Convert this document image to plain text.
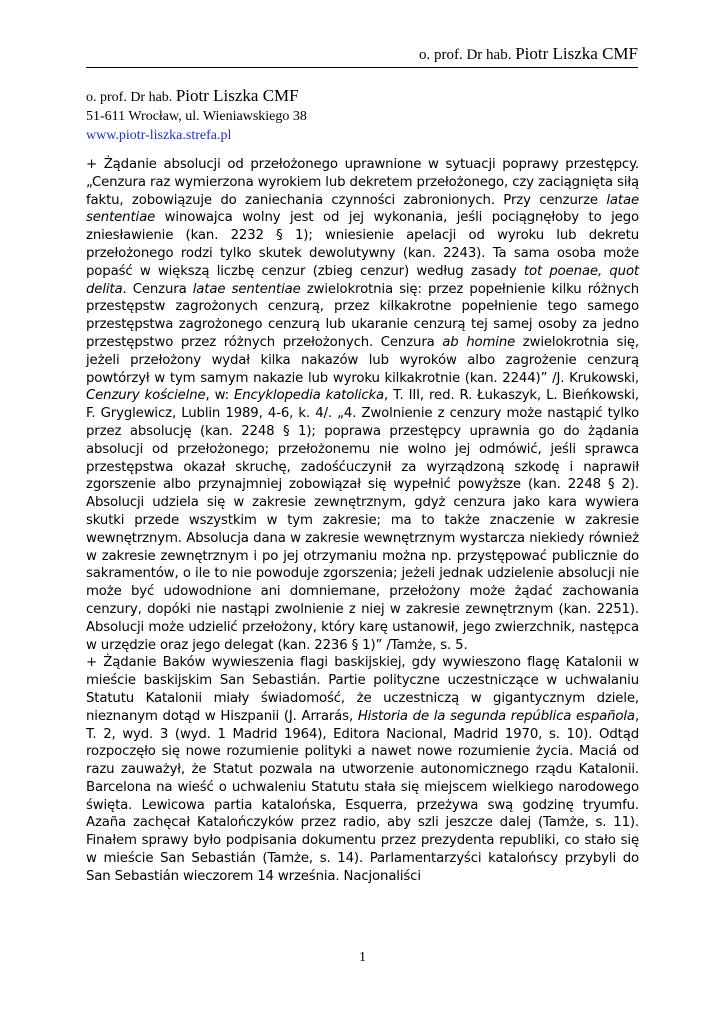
o. prof. Dr hab. Piotr Liszka CMF
o. prof. Dr hab. Piotr Liszka CMF
51-611 Wrocław, ul. Wieniawskiego 38
www.piotr-liszka.strefa.pl

+ Żądanie absolucji od przełożonego uprawnione w sytuacji poprawy przestępcy. „Cenzura raz wymierzona wyrokiem lub dekretem przełożonego, czy zaciągnięta siłą faktu, zobowiązuje do zaniechania czynności zabronionych. Przy cenzurze latae sententiae winowajca wolny jest od jej wykonania, jeśli pociągnęłoby to jego zniesławienie (kan. 2232 § 1); wniesienie apelacji od wyroku lub dekretu przełożonego rodzi tylko skutek dewolutywny (kan. 2243). Ta sama osoba może popaść w większą liczbę cenzur (zbieg cenzur) według zasady tot poenae, quot delita. Cenzura latae sententiae zwielokrotnia się: przez popełnienie kilku różnych przestępstw zagrożonych cenzurą, przez kilkakrotne popełnienie tego samego przestępstwa zagrożonego cenzurą lub ukaranie cenzurą tej samej osoby za jedno przestępstwo przez różnych przełożonych. Cenzura ab homine zwielokrotnia się, jeżeli przełożony wydał kilka nakazów lub wyroków albo zagrożenie cenzurą powtórzył w tym samym nakazie lub wyroku kilkakrotnie (kan. 2244)” /J. Krukowski, Cenzury kościelne, w: Encyklopedia katolicka, T. III, red. R. Łukaszyk, L. Bieńkowski, F. Gryglewicz, Lublin 1989, 4-6, k. 4/. „4. Zwolnienie z cenzury może nastąpić tylko przez absolucję (kan. 2248 § 1); poprawa przestępcy uprawnia go do żądania absolucji od przełożonego; przełożonemu nie wolno jej odmówić, jeśli sprawca przestępstwa okazał skruchę, zadośćuczynił za wyrządzoną szkodę i naprawił zgorszenie albo przynajmniej zobowiązał się wypełnić powyższe (kan. 2248 § 2). Absolucji udziela się w zakresie zewnętrznym, gdyż cenzura jako kara wywiera skutki przede wszystkim w tym zakresie; ma to także znaczenie w zakresie wewnętrznym. Absolucja dana w zakresie wewnętrznym wystarcza niekiedy również w zakresie zewnętrznym i po jej otrzymaniu można np. przystępować publicznie do sakramentów, o ile to nie powoduje zgorszenia; jeżeli jednak udzielenie absolucji nie może być udowodnione ani domniemane, przełożony może żądać zachowania cenzury, dopóki nie nastąpi zwolnienie z niej w zakresie zewnętrznym (kan. 2251). Absolucji może udzielić przełożony, który karę ustanowił, jego zwierzchnik, następca w urzędzie oraz jego delegat (kan. 2236 § 1)” /Tamże, s. 5.

+ Żądanie Baków wywieszenia flagi baskijskiej, gdy wywieszono flagę Katalonii w mieście baskijskim San Sebastián. Partie polityczne uczestniczące w uchwalaniu Statutu Katalonii miały świadomość, że uczestniczą w gigantycznym dziele, nieznanym dotąd w Hiszpanii (J. Arrarás, Historia de la segunda república española, T. 2, wyd. 3 (wyd. 1 Madrid 1964), Editora Nacional, Madrid 1970, s. 10). Odtąd rozpoczęło się nowe rozumienie polityki a nawet nowe rozumienie życia. Maciá od razu zauważył, że Statut pozwala na utworzenie autonomicznego rządu Katalonii. Barcelona na wieść o uchwaleniu Statutu stała się miejscem wielkiego narodowego święta. Lewicowa partia katalońska, Esquerra, przeżywa swą godzinę tryumfu. Azaña zachęcał Katalończyków przez radio, aby szli jeszcze dalej (Tamże, s. 11). Finałem sprawy było podpisania dokumentu przez prezydenta republiki, co stało się w mieście San Sebastián (Tamże, s. 14). Parlamentarzyści katalońscy przybyli do San Sebastián wieczorem 14 września. Nacjonaliści

1
